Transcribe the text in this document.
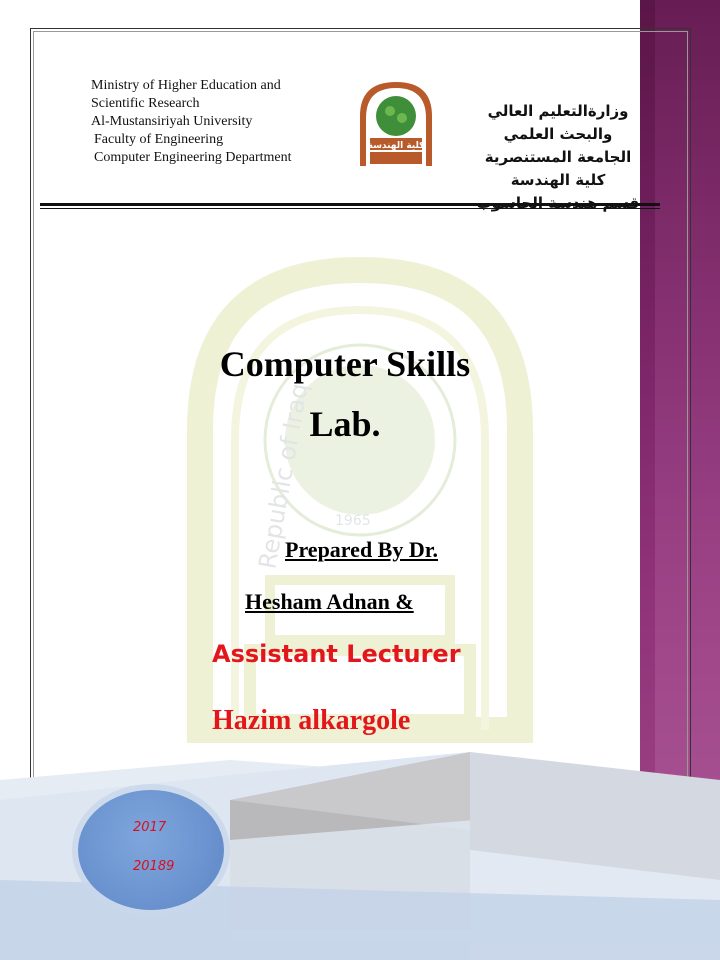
Republic of Iraq 1965
Ministry of Higher Education and
Scientific Research
Al-Mustansiriyah University
Faculty of Engineering
Computer Engineering Department
كلية الهندسة
وزارةالتعليم العالي
والبحث العلمي
الجامعة المستنصرية
كلية الهندسة
Computer Skills
Lab.
Prepared By Dr.
Hesham Adnan &
Assistant Lecturer
Hazim alkargole
2017
20189
